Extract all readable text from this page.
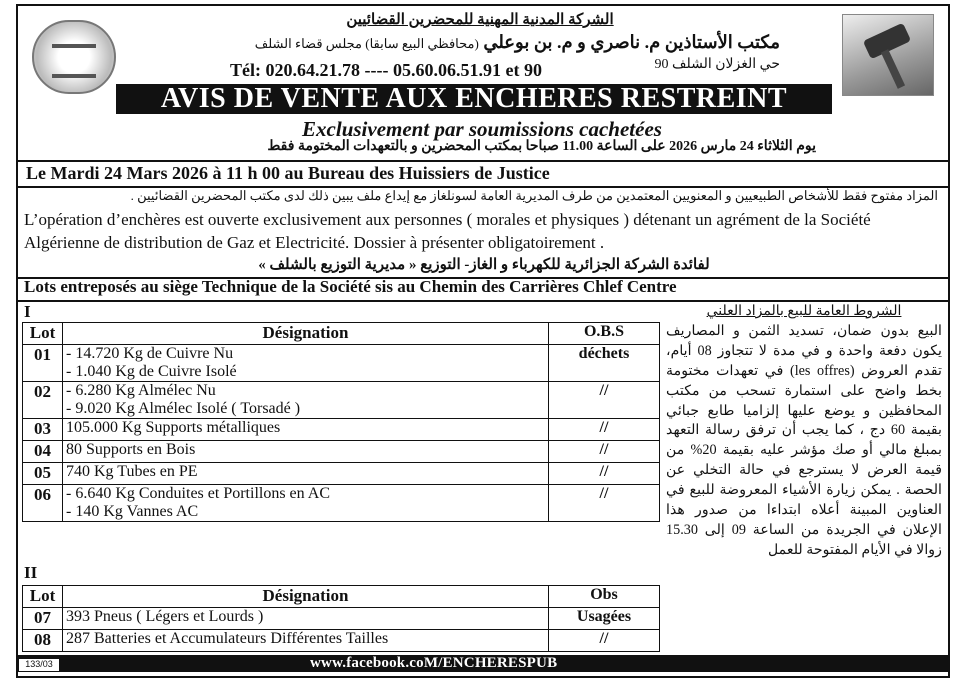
الشركة المدنية المهنية للمحضرين القضائيين
مكتب الأستاذين م. ناصري و م. بن بوعلي (محافظي البيع سابقا) مجلس قضاء الشلف
حي الغزلان الشلف 90
Tél: 020.64.21.78 ---- 05.60.06.51.91 et 90
AVIS DE VENTE AUX ENCHERES RESTREINT
Exclusivement par soumissions cachetées
يوم الثلاثاء 24 مارس 2026 على الساعة 11.00 صباحا بمكتب المحضرين و بالتعهدات المختومة فقط
Le Mardi 24 Mars 2026 à 11 h 00 au Bureau des Huissiers de Justice
المزاد مفتوح فقط للأشخاص الطبيعيين و المعنويين المعتمدين من طرف المديرية العامة لسونلغاز مع إيداع ملف يبين ذلك لدى مكتب المحضرين القضائيين .
L’opération d’enchères est ouverte exclusivement aux personnes ( morales et physiques ) détenant un agrément de la Société Algérienne de distribution de Gaz et Electricité. Dossier à présenter obligatoirement .
لفائدة الشركة الجزائرية للكهرباء و الغاز- التوزيع « مديرية التوزيع بالشلف »
Lots entreposés au siège Technique de la Société sis au Chemin des Carrières Chlef Centre
I
Lot	Désignation	O.B.S
01	- 14.720 Kg de Cuivre Nu
- 1.040 Kg de Cuivre Isolé	déchets
02	- 6.280 Kg Almélec Nu
- 9.020 Kg Almélec Isolé ( Torsadé )	//
03	105.000 Kg Supports métalliques	//
04	80 Supports en Bois	//
05	740 Kg Tubes en PE	//
06	- 6.640 Kg Conduites et Portillons en AC
- 140 Kg Vannes AC	//
II
Lot	Désignation	Obs
07	393 Pneus ( Légers et Lourds )	Usagées
08	287 Batteries et Accumulateurs Différentes Tailles	//
الشروط العامة للبيع بالمزاد العلني
البيع بدون ضمان، تسديد الثمن و المصاريف يكون دفعة واحدة و في مدة لا تتجاوز 08 أيام، تقدم العروض (les offres) في تعهدات مختومة بخط واضح على استمارة تسحب من مكتب المحافظين و يوضع عليها إلزاميا طابع جبائي بقيمة 60 دج ، كما يجب أن ترفق رسالة التعهد بمبلغ مالي أو صك مؤشر عليه بقيمة 20% من قيمة العرض لا يسترجع في حالة التخلي عن الحصة . يمكن زيارة الأشياء المعروضة للبيع في العناوين المبينة أعلاه ابتداءا من صدور هذا الإعلان في الجريدة من الساعة 09 إلى 15.30 زوالا في الأيام المفتوحة للعمل
133/03	www.facebook.coM/ENCHERESPUB
